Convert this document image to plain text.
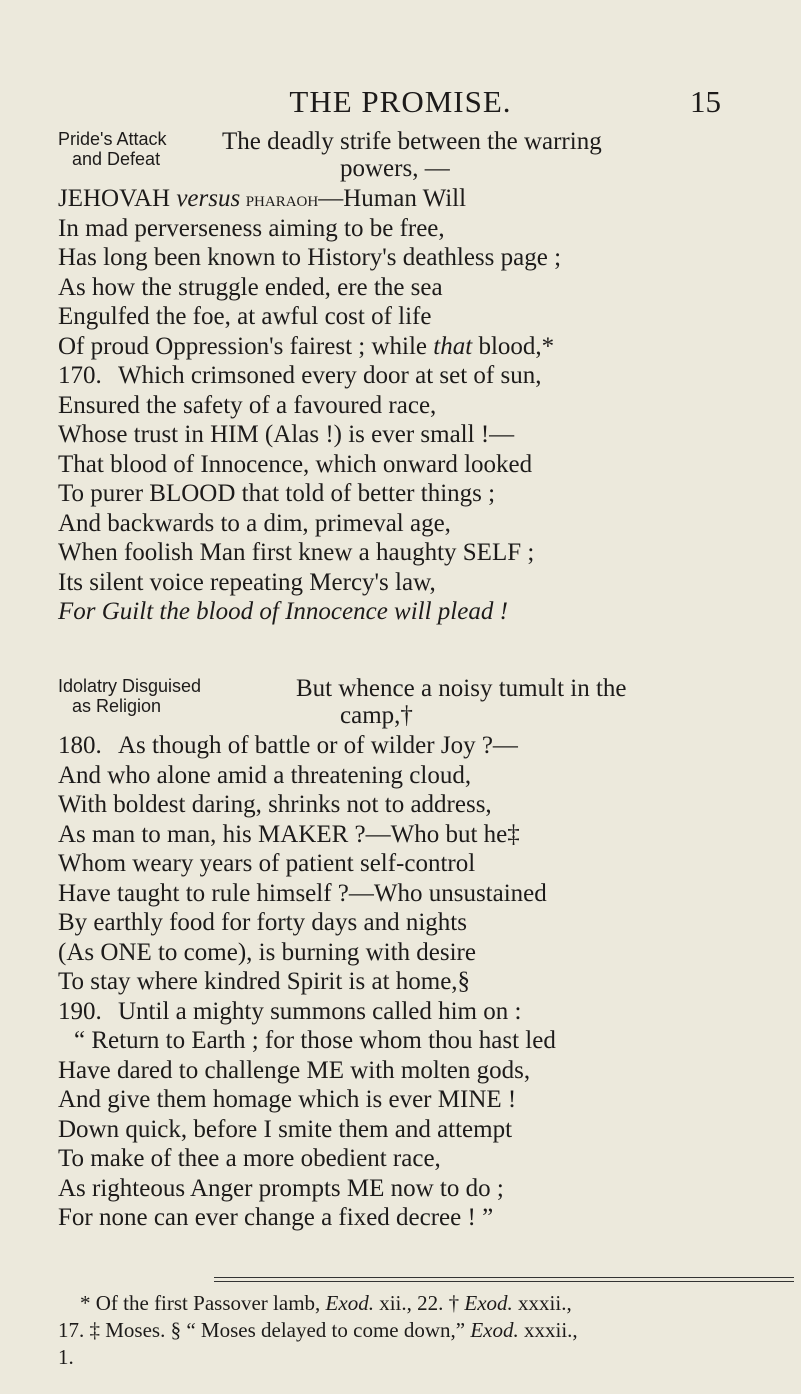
THE PROMISE.	15
Pride's Attack
and Defeat
The deadly strife between the warring
powers, —
JEHOVAH versus pharaoh—Human Will
In mad perverseness aiming to be free,
Has long been known to History's deathless page ;
As how the struggle ended, ere the sea
Engulfed the foe, at awful cost of life
Of proud Oppression's fairest ; while that blood,*
170. Which crimsoned every door at set of sun,
Ensured the safety of a favoured race,
Whose trust in HIM (Alas !) is ever small !—
That blood of Innocence, which onward looked
To purer BLOOD that told of better things ;
And backwards to a dim, primeval age,
When foolish Man first knew a haughty SELF ;
Its silent voice repeating Mercy's law,
For Guilt the blood of Innocence will plead !
Idolatry Disguised
as Religion
But whence a noisy tumult in the
camp,†
180. As though of battle or of wilder Joy ?—
And who alone amid a threatening cloud,
With boldest daring, shrinks not to address,
As man to man, his MAKER ?—Who but he‡
Whom weary years of patient self-control
Have taught to rule himself ?—Who unsustained
By earthly food for forty days and nights
(As ONE to come), is burning with desire
To stay where kindred Spirit is at home,§
190. Until a mighty summons called him on :
“ Return to Earth ; for those whom thou hast led
Have dared to challenge ME with molten gods,
And give them homage which is ever MINE !
Down quick, before I smite them and attempt
To make of thee a more obedient race,
As righteous Anger prompts ME now to do ;
For none can ever change a fixed decree ! ”
* Of the first Passover lamb, Exod. xii., 22. † Exod. xxxii.,
17. ‡ Moses. § “ Moses delayed to come down,” Exod. xxxii.,
1.
